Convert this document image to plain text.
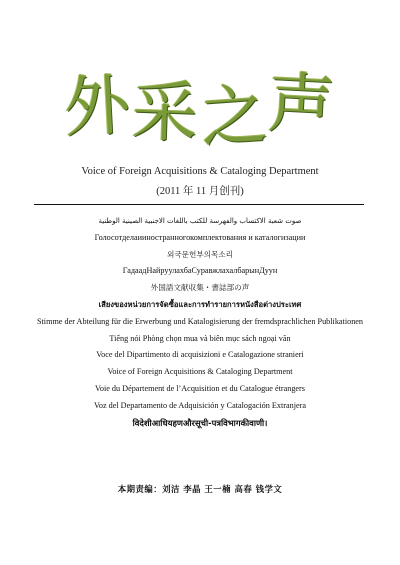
外
采
之
声
Voice of Foreign Acquisitions & Cataloging Department
(2011 年 11 月创刊)
صوت شعبة الاكتساب والفهرسة للكتب باللغات الاجنبية الصينية الوطنية
Голосотделаииностранногокомплектования и каталогизации
외국문헌부의목소리
ГадаадНайруулахбаСуравжлахалбарынДуун
外国語文献収集・書誌部の声
เสียงของหน่วยการจัดซื้อและการทำรายการหนังสือต่างประเทศ
Stimme der Abteilung für die Erwerbung und Katalogisierung der fremdsprachlichen Publikationen
Tiếng nói Phòng chọn mua và biên mục sách ngoại văn
Voce del Dipartimento di acquisizioni e Catalogazione stranieri
Voice of Foreign Acquisitions & Cataloging Department
Voie du Département de l’Acquisition et du Catalogue étrangers
Voz del Departamento de Adquisición y Catalogación Extranjera
विदेशीआधियहणऔरसूची-पत्रविभागकीवाणी।
本期责编：刘洁 李晶 王一楠 高春 钱学文
